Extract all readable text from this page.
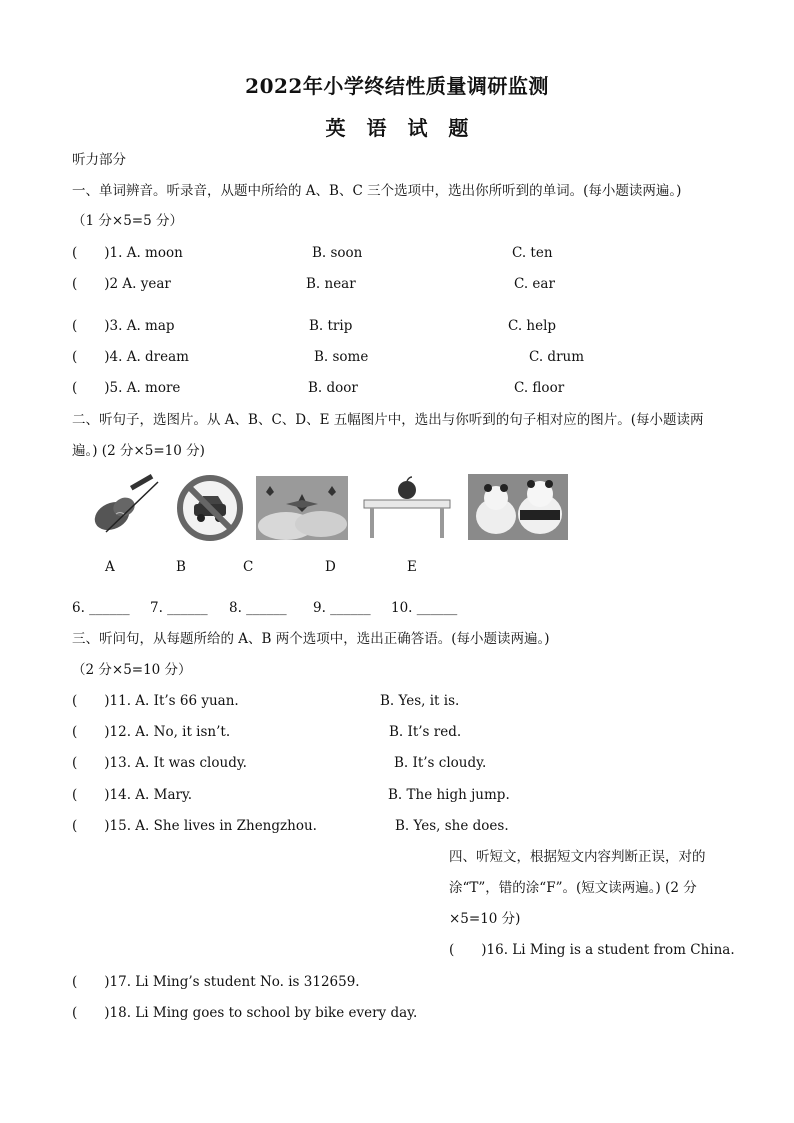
2022年小学终结性质量调研监测
英 语 试 题
听力部分
一、单词辨音。听录音，从题中所给的 A、B、C 三个选项中，选出你所听到的单词。(每小题读两遍。)
（1 分×5=5 分）
(　　)1. A. moon	B. soon	C. ten
(　　)2 A. year	B. near	C. ear
(　　)3. A. map	B. trip	C. help
(　　)4. A. dream	B. some	C. drum
(　　)5. A. more	B. door	C. floor
二、听句子，选图片。从 A、B、C、D、E 五幅图片中，选出与你听到的句子相对应的图片。(每小题读两
遍。) (2 分×5=10 分)
A	B	C	D	E
6. ______ 7. ______ 8. ______ 9. ______ 10. ______
三、听问句，从每题所给的 A、B 两个选项中，选出正确答语。(每小题读两遍。)
（2 分×5=10 分）
(　　)11. A. It’s 66 yuan.	B. Yes, it is.
(　　)12. A. No, it isn’t.	B. It’s red.
(　　)13. A. It was cloudy.	B. It’s cloudy.
(　　)14. A. Mary.	B. The high jump.
(　　)15. A. She lives in Zhengzhou.	B. Yes, she does.
四、听短文，根据短文内容判断正误，对的
涂“T”，错的涂“F”。(短文读两遍。) (2 分
×5=10 分)
(　　)16. Li Ming is a student from China.
(　　)17. Li Ming’s student No. is 312659.
(　　)18. Li Ming goes to school by bike every day.
